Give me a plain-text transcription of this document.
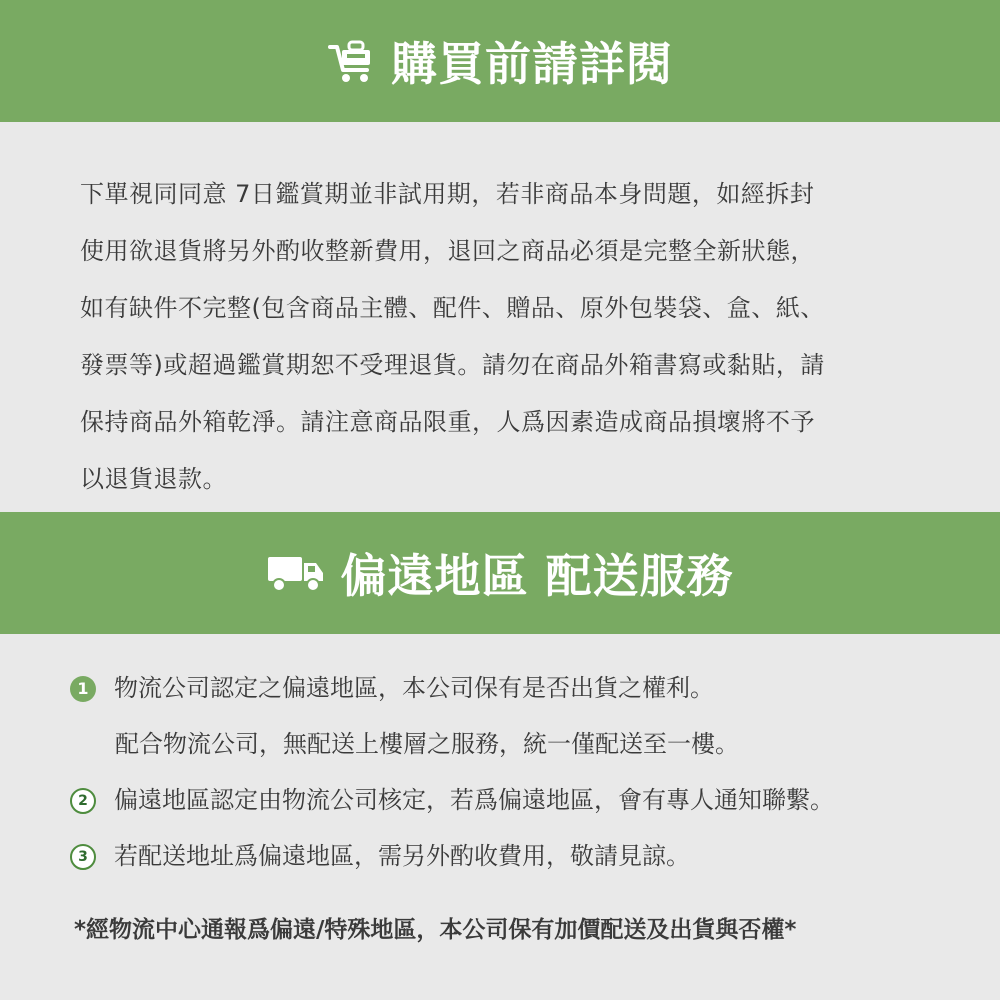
購買前請詳閱
下單視同同意 7日鑑賞期並非試用期，若非商品本身問題，如經拆封
使用欲退貨將另外酌收整新費用，退回之商品必須是完整全新狀態，
如有缺件不完整(包含商品主體、配件、贈品、原外包裝袋、盒、紙、
發票等)或超過鑑賞期恕不受理退貨。請勿在商品外箱書寫或黏貼，請
保持商品外箱乾淨。請注意商品限重，人爲因素造成商品損壞將不予
以退貨退款。
偏遠地區 配送服務
1 物流公司認定之偏遠地區，本公司保有是否出貨之權利。
配合物流公司，無配送上樓層之服務，統一僅配送至一樓。
2 偏遠地區認定由物流公司核定，若爲偏遠地區，會有專人通知聯繫。
3 若配送地址爲偏遠地區，需另外酌收費用，敬請見諒。
*經物流中心通報爲偏遠/特殊地區，本公司保有加價配送及出貨與否權*
